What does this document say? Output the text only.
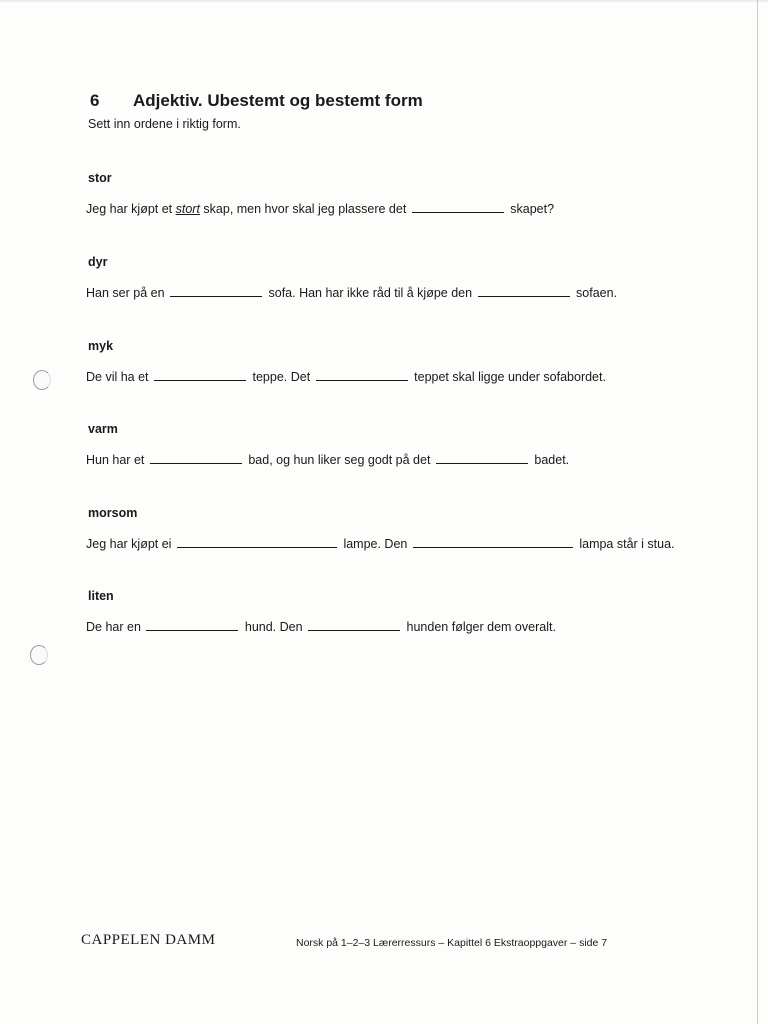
6 Adjektiv. Ubestemt og bestemt form
Sett inn ordene i riktig form.
stor
Jeg har kjøpt et stort skap, men hvor skal jeg plassere det	skapet?
dyr
Han ser på en	sofa. Han har ikke råd til å kjøpe den	sofaen.
myk
De vil ha et	teppe. Det	teppet skal ligge under sofabordet.
varm
Hun har et	bad, og hun liker seg godt på det	badet.
morsom
Jeg har kjøpt ei	lampe. Den	lampa står i stua.
liten
De har en	hund. Den	hunden følger dem overalt.
CAPPELEN DAMM	Norsk på 1–2–3 Lærerressurs – Kapittel 6 Ekstraoppgaver – side 7
